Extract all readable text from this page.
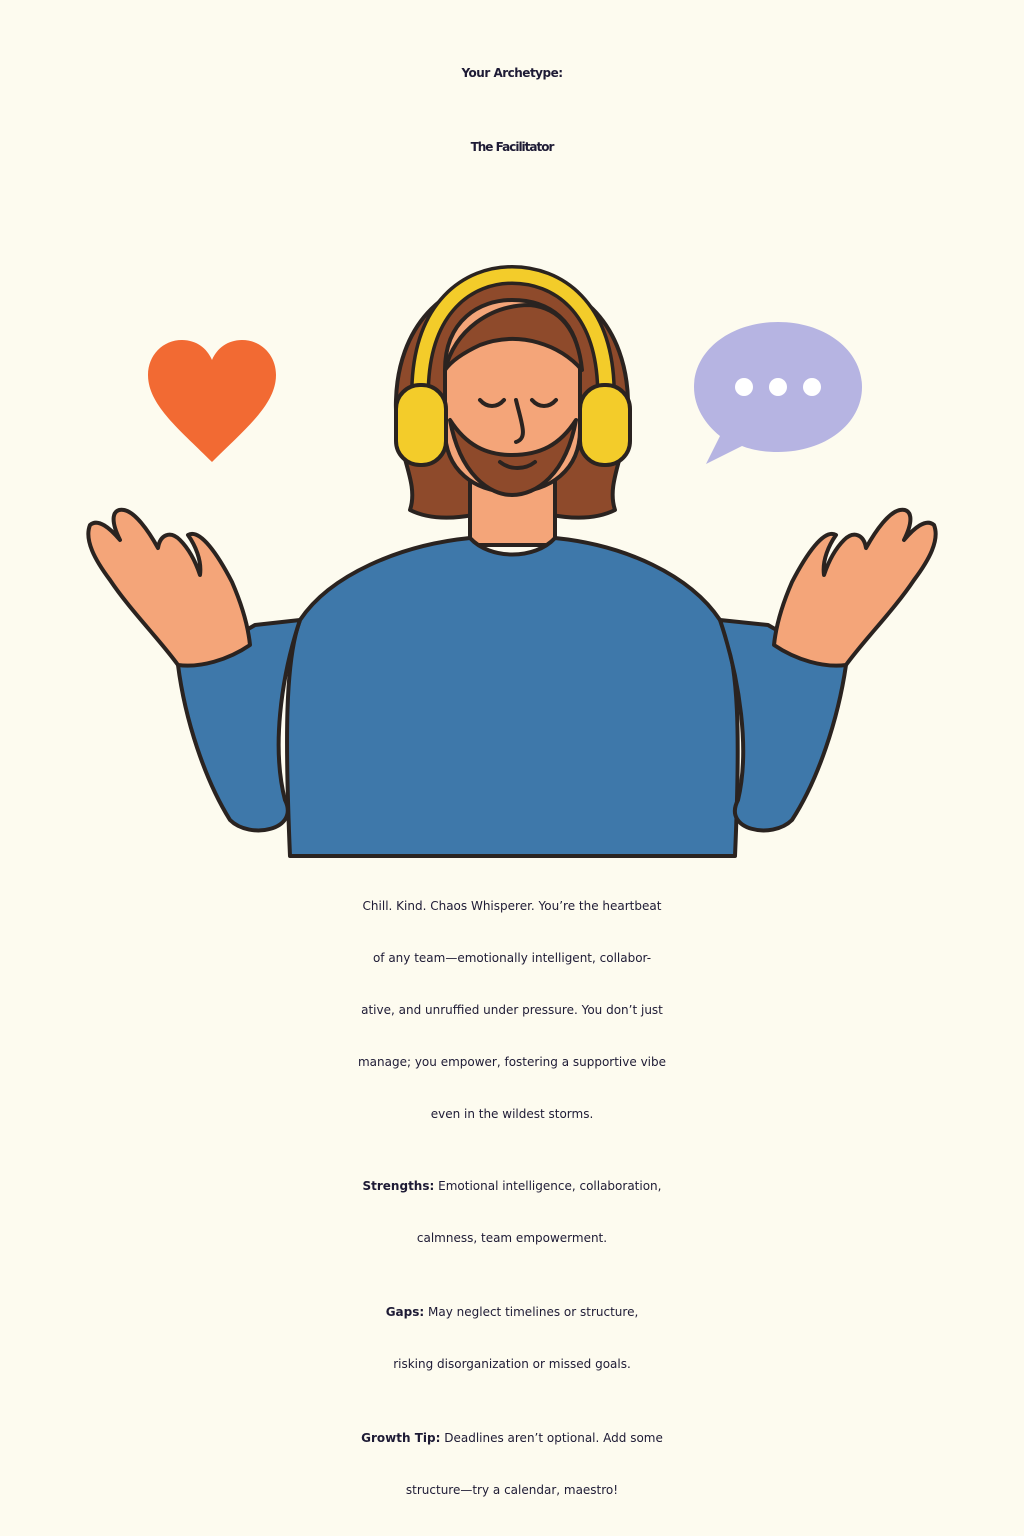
Your Archetype:
The Facilitator

Chill. Kind. Chaos Whisperer. You’re the heartbeat

of any team—emotionally intelligent, collabor-

ative, and unruffied under pressure. You don’t just

manage; you empower, fostering a supportive vibe

even in the wildest storms.

Strengths: Emotional intelligence, collaboration,

calmness, team empowerment.

Gaps: May neglect timelines or structure,

risking disorganization or missed goals.

Growth Tip: Deadlines aren’t optional. Add some

structure—try a calendar, maestro!
